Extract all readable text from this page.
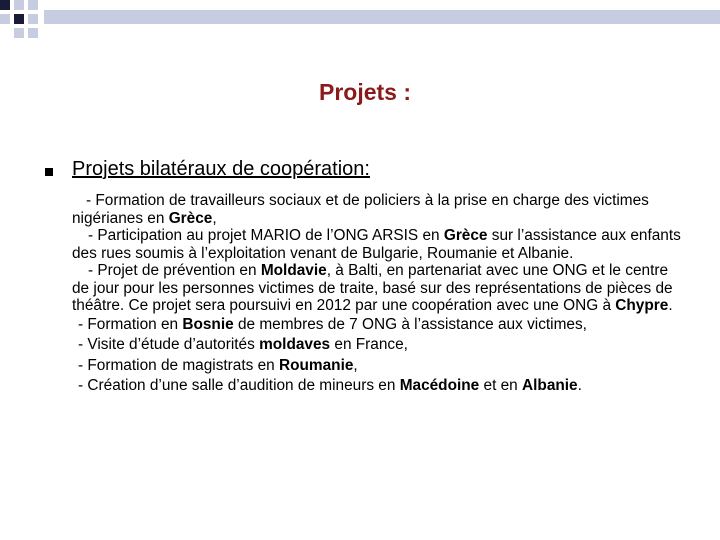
Projets :
Projets bilatéraux de coopération:

- Formation de travailleurs sociaux et de policiers à la prise en charge des victimes nigérianes en Grèce,

- Participation au projet MARIO de l’ONG ARSIS en Grèce sur l’assistance aux enfants des rues soumis à l’exploitation venant de Bulgarie, Roumanie et Albanie.

- Projet de prévention en Moldavie, à Balti, en partenariat avec une ONG et le centre de jour pour les personnes victimes de traite, basé sur des représentations de pièces de théâtre. Ce projet sera poursuivi en 2012 par une coopération avec une ONG à Chypre.

- Formation en Bosnie de membres de 7 ONG à l’assistance aux victimes,
- Visite d’étude d’autorités moldaves en France,
- Formation de magistrats en Roumanie,
- Création d’une salle d’audition de mineurs en Macédoine et en Albanie.
